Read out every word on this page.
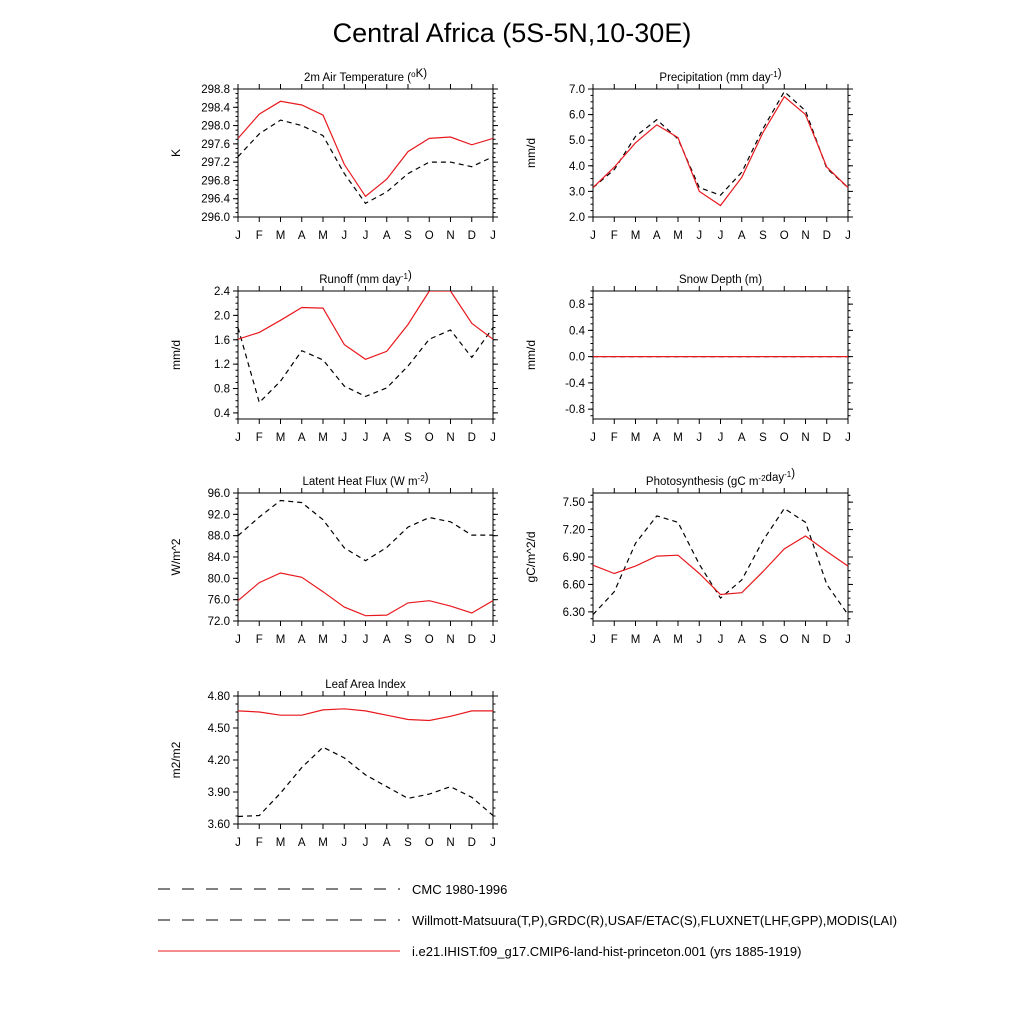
Central Africa (5S-5N,10-30E)
2m Air Temperature ($^o$K)
K
296.0
296.4
296.8
297.2
297.6
298.0
298.4
298.8
J F M A M J J A S O N D J
Precipitation (mm day$^{-1}$)
mm/d
2.0
3.0
4.0
5.0
6.0
7.0
J F M A M J J A S O N D J
Runoff (mm day$^{-1}$)
mm/d
0.4
0.8
1.2
1.6
2.0
2.4
J F M A M J J A S O N D J
Snow Depth (m)
mm/d
-0.8
-0.4
0.0
0.4
0.8
J F M A M J J A S O N D J
Latent Heat Flux (W $m^{-2}$)
W/m^2
72.0
76.0
80.0
84.0
88.0
92.0
96.0
J F M A M J J A S O N D J
Photosynthesis (gC $m^{-2}day^{-1}$)
gC/m^2/d
6.30
6.60
6.90
7.20
7.50
J F M A M J J A S O N D J
Leaf Area Index
m2/m2
3.60
3.90
4.20
4.50
4.80
J F M A M J J A S O N D J
CMC 1980-1996
Willmott-Matsuura(T,P),GRDC(R),USAF/ETAC(S),FLUXNET(LHF,GPP),MODIS(LAI)
i.e21.IHIST.f09_g17.CMIP6-land-hist-princeton.001 (yrs 1885-1919)
